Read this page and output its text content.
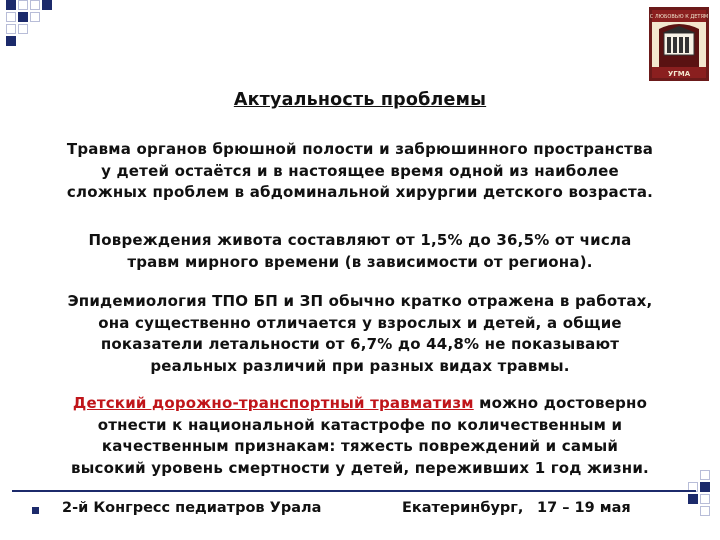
С ЛЮБОВЬЮ К ДЕТЯМ
УГМА
Актуальность проблемы
Травма органов брюшной полости и забрюшинного пространства
у детей остаётся и в настоящее время одной из наиболее
сложных проблем в абдоминальной хирургии детского возраста.
Повреждения живота составляют от 1,5% до 36,5% от числа
травм мирного времени (в зависимости от региона).
Эпидемиология ТПО БП и ЗП обычно кратко отражена в работах,
она существенно отличается у взрослых и детей, а общие
показатели летальности от 6,7% до 44,8% не показывают
реальных различий при разных видах травмы.
Детский дорожно-транспортный травматизм можно достоверно
отнести к национальной катастрофе по количественным и
качественным признакам: тяжесть повреждений и самый
высокий уровень смертности у детей, переживших 1 год жизни.
2-й Конгресс педиатров Урала	Екатеринбург, 17 – 19 мая
